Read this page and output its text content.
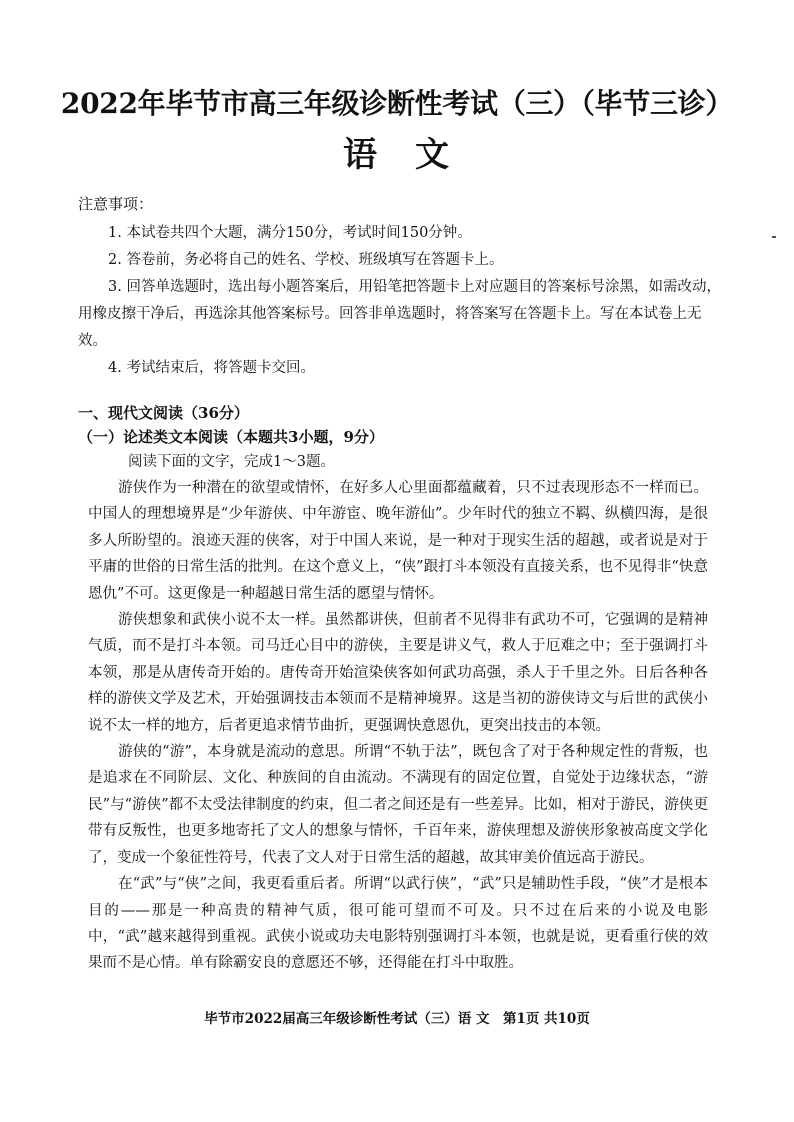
2022年毕节市高三年级诊断性考试（三）（毕节三诊）
语　文
注意事项：
1. 本试卷共四个大题，满分150分，考试时间150分钟。
2. 答卷前，务必将自己的姓名、学校、班级填写在答题卡上。
3. 回答单选题时，选出每小题答案后，用铅笔把答题卡上对应题目的答案标号涂黑，如需改动，用橡皮擦干净后，再选涂其他答案标号。回答非单选题时，将答案写在答题卡上。写在本试卷上无效。
4. 考试结束后，将答题卡交回。
一、现代文阅读（36分）
（一）论述类文本阅读（本题共3小题，9分）
阅读下面的文字，完成1～3题。

游侠作为一种潜在的欲望或情怀，在好多人心里面都蕴藏着，只不过表现形态不一样而已。中国人的理想境界是“少年游侠、中年游宦、晚年游仙”。少年时代的独立不羁、纵横四海，是很多人所盼望的。浪迹天涯的侠客，对于中国人来说，是一种对于现实生活的超越，或者说是对于平庸的世俗的日常生活的批判。在这个意义上，“侠”跟打斗本领没有直接关系，也不见得非“快意恩仇”不可。这更像是一种超越日常生活的愿望与情怀。

游侠想象和武侠小说不太一样。虽然都讲侠，但前者不见得非有武功不可，它强调的是精神气质，而不是打斗本领。司马迁心目中的游侠，主要是讲义气，救人于厄难之中；至于强调打斗本领，那是从唐传奇开始的。唐传奇开始渲染侠客如何武功高强，杀人于千里之外。日后各种各样的游侠文学及艺术，开始强调技击本领而不是精神境界。这是当初的游侠诗文与后世的武侠小说不太一样的地方，后者更追求情节曲折，更强调快意恩仇，更突出技击的本领。

游侠的“游”，本身就是流动的意思。所谓“不轨于法”，既包含了对于各种规定性的背叛，也是追求在不同阶层、文化、种族间的自由流动。不满现有的固定位置，自觉处于边缘状态，“游民”与“游侠”都不太受法律制度的约束，但二者之间还是有一些差异。比如，相对于游民，游侠更带有反叛性，也更多地寄托了文人的想象与情怀，千百年来，游侠理想及游侠形象被高度文学化了，变成一个象征性符号，代表了文人对于日常生活的超越，故其审美价值远高于游民。

在“武”与“侠”之间，我更看重后者。所谓“以武行侠”，“武”只是辅助性手段，“侠”才是根本目的——那是一种高贵的精神气质，很可能可望而不可及。只不过在后来的小说及电影中，“武”越来越得到重视。武侠小说或功夫电影特别强调打斗本领，也就是说，更看重行侠的效果而不是心情。单有除霸安良的意愿还不够，还得能在打斗中取胜。

毕节市2022届高三年级诊断性考试（三）语 文　第1页 共10页
